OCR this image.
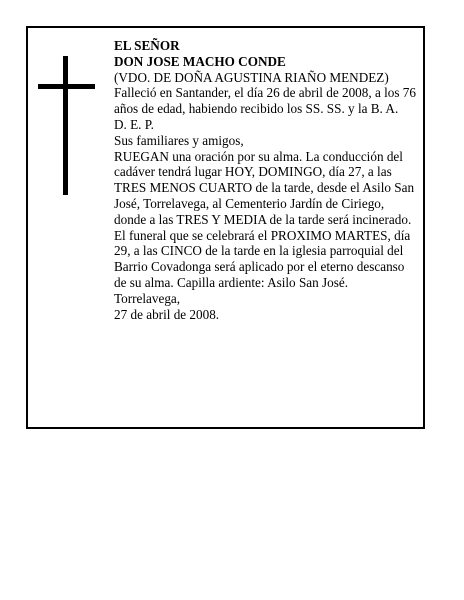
EL SEÑOR

DON JOSE MACHO CONDE

(VDO. DE DOÑA AGUSTINA RIAÑO MENDEZ)

Falleció en Santander, el día 26 de abril de 2008, a los 76 años de edad, habiendo recibido los SS. SS. y la B. A.

D. E. P.

Sus familiares y amigos,

RUEGAN una oración por su alma. La conducción del cadáver tendrá lugar HOY, DOMINGO, día 27, a las TRES MENOS CUARTO de la tarde, desde el Asilo San José, Torrelavega, al Cementerio Jardín de Ciriego, donde a las TRES Y MEDIA de la tarde será incinerado. El funeral que se celebrará el PROXIMO MARTES, día 29, a las CINCO de la tarde en la iglesia parroquial del Barrio Covadonga será aplicado por el eterno descanso de su alma. Capilla ardiente: Asilo San José.

Torrelavega,

27 de abril de 2008.
